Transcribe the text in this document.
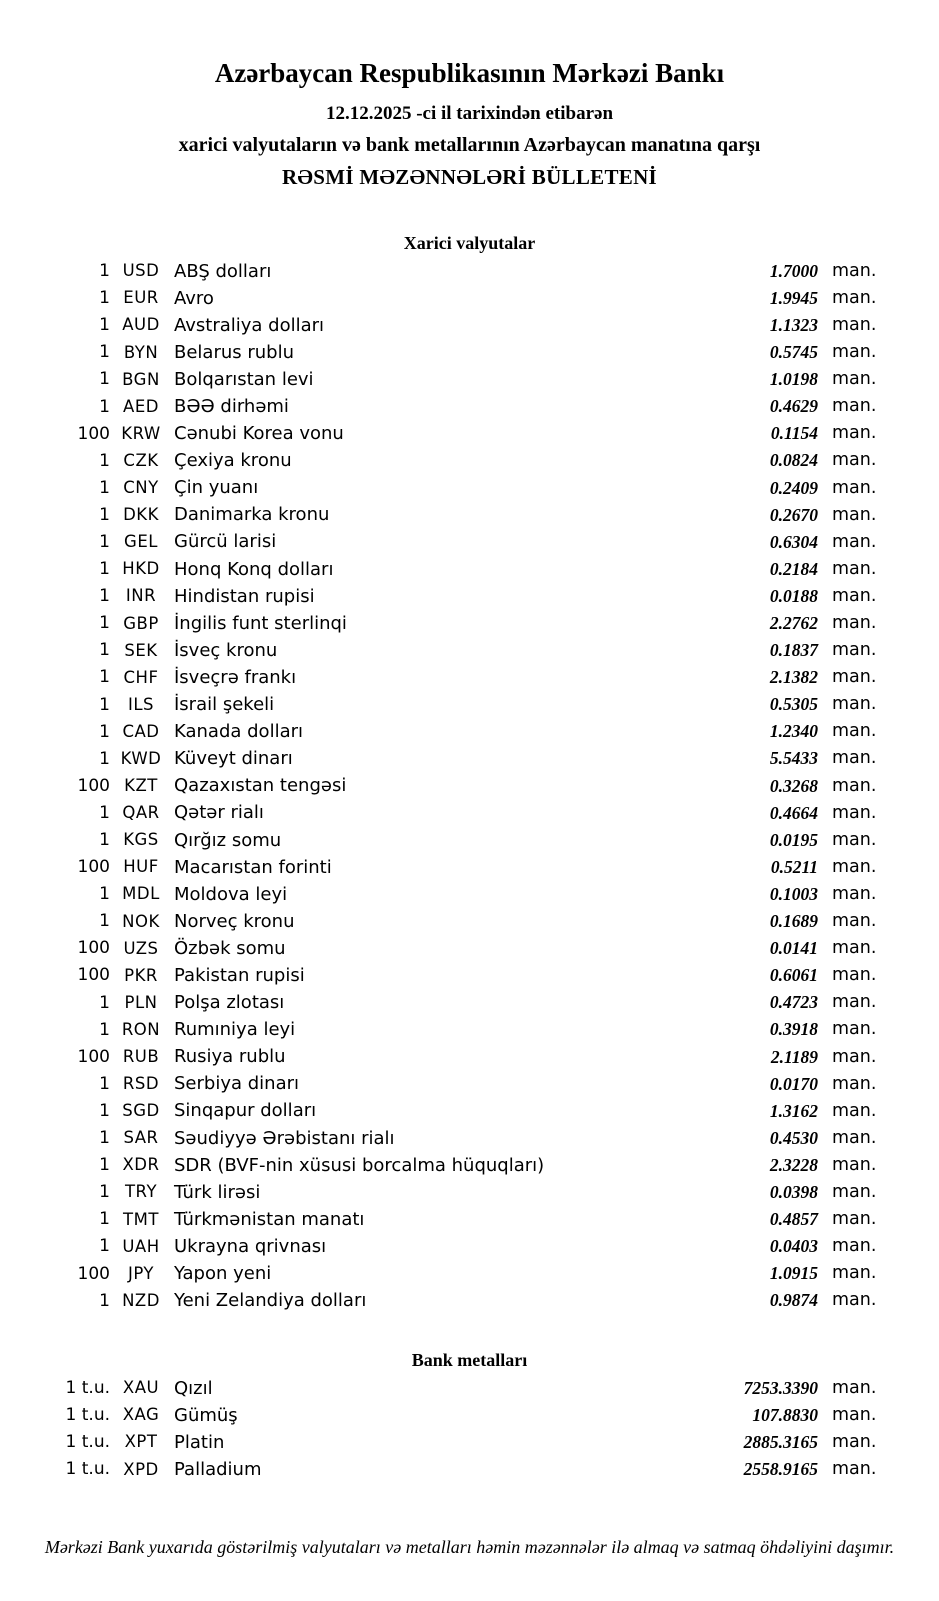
Azərbaycan Respublikasının Mərkəzi Bankı
12.12.2025 -ci il tarixindən etibarən
xarici valyutaların və bank metallarının Azərbaycan manatına qarşı
RƏSMİ MƏZƏNNƏLƏRİ BÜLLETENİ
Xarici valyutalar
1 USD ABŞ dolları	1.7000 man.
1 EUR Avro	1.9945 man.
1 AUD Avstraliya dolları	1.1323 man.
1 BYN Belarus rublu	0.5745 man.
1 BGN Bolqarıstan levi	1.0198 man.
1 AED BƏƏ dirhəmi	0.4629 man.
100 KRW Cənubi Korea vonu	0.1154 man.
1 CZK Çexiya kronu	0.0824 man.
1 CNY Çin yuanı	0.2409 man.
1 DKK Danimarka kronu	0.2670 man.
1 GEL Gürcü larisi	0.6304 man.
1 HKD Honq Konq dolları	0.2184 man.
1 INR Hindistan rupisi	0.0188 man.
1 GBP İngilis funt sterlinqi	2.2762 man.
1 SEK İsveç kronu	0.1837 man.
1 CHF İsveçrə frankı	2.1382 man.
1	ILS	İsrail şekeli	0.5305 man.
1 CAD Kanada dolları	1.2340 man.
1 KWD Küveyt dinarı	5.5433 man.
100 KZT Qazaxıstan tengəsi	0.3268 man.
1 QAR Qətər rialı	0.4664 man.
1 KGS Qırğız somu	0.0195 man.
100 HUF Macarıstan forinti	0.5211 man.
1 MDL Moldova leyi	0.1003 man.
1 NOK Norveç kronu	0.1689 man.
100 UZS Özbək somu	0.0141 man.
100 PKR Pakistan rupisi	0.6061 man.
1 PLN Polşa zlotası	0.4723 man.
1 RON Rumıniya leyi	0.3918 man.
100 RUB Rusiya rublu	2.1189 man.
1 RSD Serbiya dinarı	0.0170 man.
1 SGD Sinqapur dolları	1.3162 man.
1 SAR Səudiyyə Ərəbistanı rialı	0.4530 man.
1 XDR SDR (BVF-nin xüsusi borcalma hüquqları)	2.3228 man.
1 TRY Türk lirəsi	0.0398 man.
1 TMT Türkmənistan manatı	0.4857 man.
1 UAH Ukrayna qrivnası	0.0403 man.
100	JPY	Yapon yeni	1.0915 man.
1 NZD Yeni Zelandiya dolları	0.9874 man.
Bank metalları
1 t.u. XAU Qızıl	7253.3390 man.
1 t.u. XAG Gümüş	107.8830 man.
1 t.u. XPT Platin	2885.3165 man.
1 t.u. XPD Palladium	2558.9165 man.
Mərkəzi Bank yuxarıda göstərilmiş valyutaları və metalları həmin məzənnələr ilə almaq və satmaq öhdəliyini daşımır.
